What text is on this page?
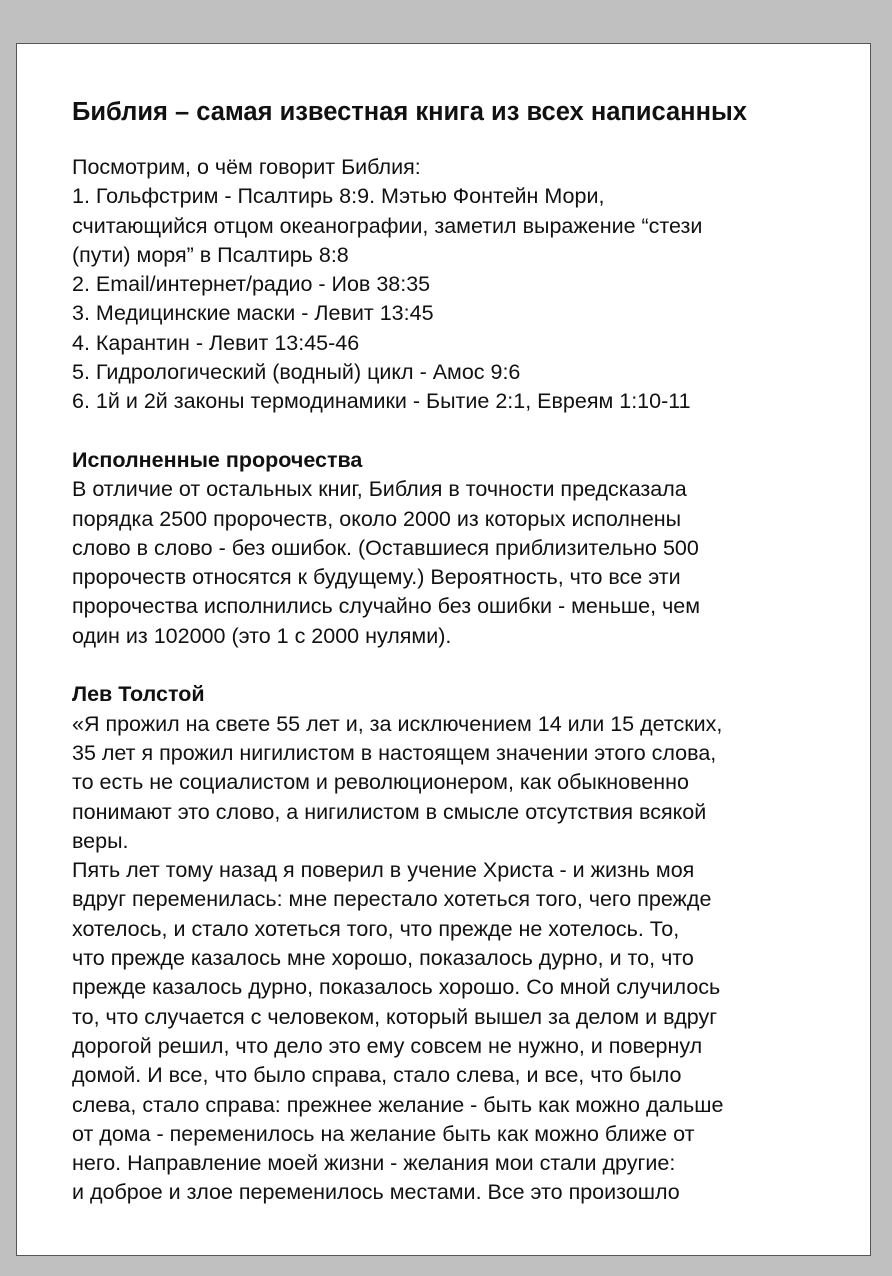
Библия – самая известная книга из всех написанных
Посмотрим, о чём говорит Библия:
1. Гольфстрим - Псалтирь 8:9. Мэтью Фонтейн Мори,
считающийся отцом океанографии, заметил выражение “стези
(пути) моря” в Псалтирь 8:8
2. Email/интернет/радио - Иов 38:35
3. Медицинские маски - Левит 13:45
4. Карантин - Левит 13:45-46
5. Гидрологический (водный) цикл - Амос 9:6
6. 1й и 2й законы термодинамики - Бытие 2:1, Евреям 1:10-11
Исполненные пророчества
В отличие от остальных книг, Библия в точности предсказала
порядка 2500 пророчеств, около 2000 из которых исполнены
слово в слово - без ошибок. (Оставшиеся приблизительно 500
пророчеств относятся к будущему.) Вероятность, что все эти
пророчества исполнились случайно без ошибки - меньше, чем
один из 102000 (это 1 с 2000 нулями).
Лев Толстой
«Я прожил на свете 55 лет и, за исключением 14 или 15 детских,
35 лет я прожил нигилистом в настоящем значении этого слова,
то есть не социалистом и революционером, как обыкновенно
понимают это слово, а нигилистом в смысле отсутствия всякой
веры.
Пять лет тому назад я поверил в учение Христа - и жизнь моя
вдруг переменилась: мне перестало хотеться того, чего прежде
хотелось, и стало хотеться того, что прежде не хотелось. То,
что прежде казалось мне хорошо, показалось дурно, и то, что
прежде казалось дурно, показалось хорошо. Со мной случилось
то, что случается с человеком, который вышел за делом и вдруг
дорогой решил, что дело это ему совсем не нужно, и повернул
домой. И все, что было справа, стало слева, и все, что было
слева, стало справа: прежнее желание - быть как можно дальше
от дома - переменилось на желание быть как можно ближе от
него. Направление моей жизни - желания мои стали другие:
и доброе и злое переменилось местами. Все это произошло
